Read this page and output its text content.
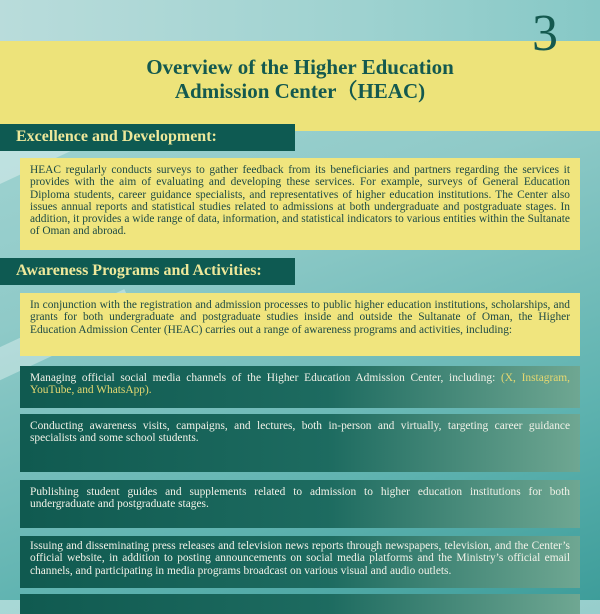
3
Overview of the Higher Education
Admission Center（HEAC)
Excellence and Development:
HEAC regularly conducts surveys to gather feedback from its beneficiaries and partners regarding the services it provides with the aim of evaluating and developing these services. For example, surveys of General Education Diploma students, career guidance specialists, and representatives of higher education institutions. The Center also issues annual reports and statistical studies related to admissions at both undergraduate and postgraduate stages. In addition, it provides a wide range of data, information, and statistical indicators to various entities within the Sultanate of Oman and abroad.
Awareness Programs and Activities:
In conjunction with the registration and admission processes to public higher education institutions, scholarships, and grants for both undergraduate and postgraduate studies inside and outside the Sultanate of Oman, the Higher Education Admission Center (HEAC) carries out a range of awareness programs and activities, including:
Managing official social media channels of the Higher Education Admission Center, including: (X, Instagram, YouTube, and WhatsApp).
Conducting awareness visits, campaigns, and lectures, both in-person and virtually, targeting career guidance specialists and some school students.
Publishing student guides and supplements related to admission to higher education institutions for both undergraduate and postgraduate stages.
Issuing and disseminating press releases and television news reports through newspapers, television, and the Center’s official website, in addition to posting announcements on social media platforms and the Ministry’s official email channels, and participating in media programs broadcast on various visual and audio outlets.
